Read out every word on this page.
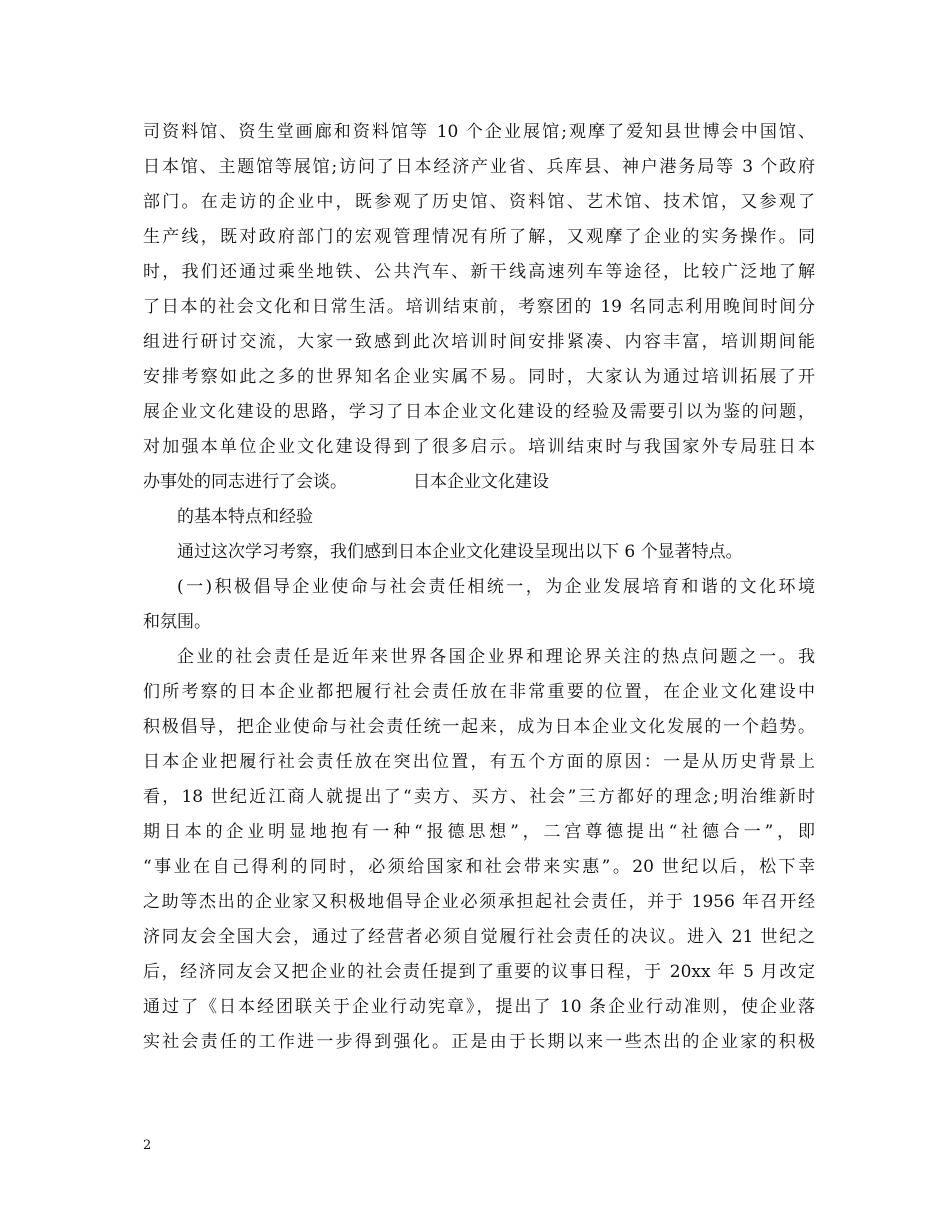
司资料馆、资生堂画廊和资料馆等 10 个企业展馆;观摩了爱知县世博会中国馆、
日本馆、主题馆等展馆;访问了日本经济产业省、兵库县、神户港务局等 3 个政府
部门。在走访的企业中，既参观了历史馆、资料馆、艺术馆、技术馆，又参观了
生产线，既对政府部门的宏观管理情况有所了解，又观摩了企业的实务操作。同
时，我们还通过乘坐地铁、公共汽车、新干线高速列车等途径，比较广泛地了解
了日本的社会文化和日常生活。培训结束前，考察团的 19 名同志利用晚间时间分
组进行研讨交流，大家一致感到此次培训时间安排紧凑、内容丰富，培训期间能
安排考察如此之多的世界知名企业实属不易。同时，大家认为通过培训拓展了开
展企业文化建设的思路，学习了日本企业文化建设的经验及需要引以为鉴的问题，
对加强本单位企业文化建设得到了很多启示。培训结束时与我国家外专局驻日本
办事处的同志进行了会谈。	日本企业文化建设
的基本特点和经验
通过这次学习考察，我们感到日本企业文化建设呈现出以下 6 个显著特点。
(一)积极倡导企业使命与社会责任相统一，为企业发展培育和谐的文化环境
和氛围。
企业的社会责任是近年来世界各国企业界和理论界关注的热点问题之一。我
们所考察的日本企业都把履行社会责任放在非常重要的位置，在企业文化建设中
积极倡导，把企业使命与社会责任统一起来，成为日本企业文化发展的一个趋势。
日本企业把履行社会责任放在突出位置，有五个方面的原因：一是从历史背景上
看，18 世纪近江商人就提出了“卖方、买方、社会”三方都好的理念;明治维新时
期日本的企业明显地抱有一种“报德思想”，二宫尊德提出“社德合一”，即
“事业在自己得利的同时，必须给国家和社会带来实惠”。20 世纪以后，松下幸
之助等杰出的企业家又积极地倡导企业必须承担起社会责任，并于 1956 年召开经
济同友会全国大会，通过了经营者必须自觉履行社会责任的决议。进入 21 世纪之
后，经济同友会又把企业的社会责任提到了重要的议事日程，于 20xx 年 5 月改定
通过了《日本经团联关于企业行动宪章》，提出了 10 条企业行动准则，使企业落
实社会责任的工作进一步得到强化。正是由于长期以来一些杰出的企业家的积极
2
